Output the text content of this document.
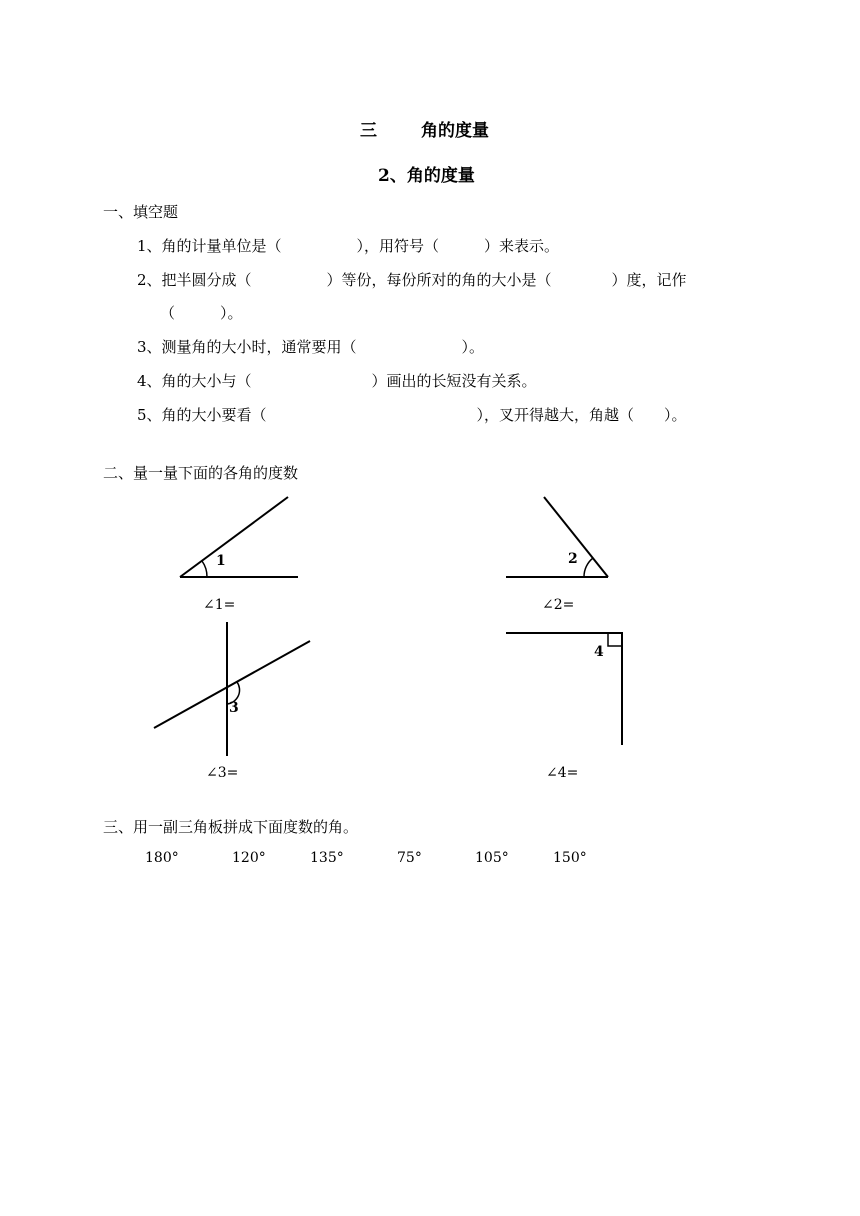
三	角的度量
2、角的度量
一、填空题
1、角的计量单位是（　　　　　），用符号（　　　）来表示。
2、把半圆分成（　　　　　）等份，每份所对的角的大小是（　　　　）度，记作
（　　　）。
3、测量角的大小时，通常要用（　　　　　　　）。
4、角的大小与（　　　　　　　　）画出的长短没有关系。
5、角的大小要看（　　　　　　　　　　　　　　），叉开得越大，角越（　　）。
二、量一量下面的各角的度数
1
∠1=
2
∠2=
3
∠3=
4
∠4=
三、用一副三角板拼成下面度数的角。
180°	120°	135°	75°	105°	150°
